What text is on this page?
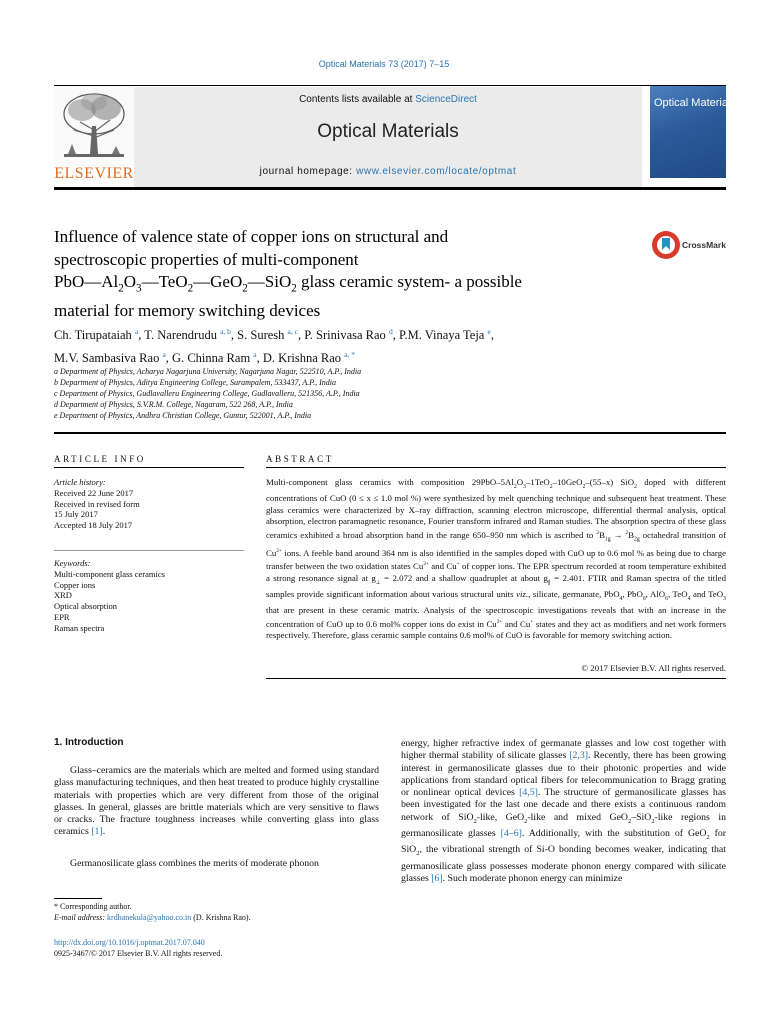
Optical Materials 73 (2017) 7–15
Contents lists available at ScienceDirect
Optical Materials
journal homepage: www.elsevier.com/locate/optmat
ELSEVIER
Optical Materials
Influence of valence state of copper ions on structural and
spectroscopic properties of multi-component
$PbO—Al_2O_3—TeO_2—GeO_2—SiO_2$ glass ceramic system- a possible
material for memory switching devices
CrossMark
Ch. Tirupataiah $^a$, T. Narendrudu $^{a, b}$, S. Suresh $^{a, c}$, P. Srinivasa Rao $^d$, P.M. Vinaya Teja $^e$,
M.V. Sambasiva Rao $^a$, G. Chinna Ram $^a$, D. Krishna Rao $^{a, *}$
a Department of Physics, Acharya Nagarjuna University, Nagarjuna Nagar, 522510, A.P., India
b Department of Physics, Aditya Engineering College, Surampalem, 533437, A.P., India
c Department of Physics, Gudlavalleru Engineering College, Gudlavalleru, 521356, A.P., India
d Department of Physics, S.V.R.M. College, Nagaram, 522 268, A.P., India
e Department of Physics, Andhra Christian College, Guntur, 522001, A.P., India
ARTICLE INFO
Article history:
Received 22 June 2017
Received in revised form
15 July 2017
Accepted 18 July 2017
Keywords:
Multi-component glass ceramics
Copper ions
XRD
Optical absorption
EPR
Raman spectra
ABSTRACT
Multi-component glass ceramics with composition $29PbO-5Al_2O_3-1TeO_2-10GeO_2-(55-x)$ SiO$_2$ doped with different concentrations of CuO (0 ≤ x ≤ 1.0 mol %) were synthesized by melt quenching technique and subsequent heat treatment. These glass ceramics were characterized by X–ray diffraction, scanning electron microscope, differential thermal analysis, optical absorption, electron paramagnetic resonance, Fourier transform infrared and Raman studies. The absorption spectra of these glass ceramics exhibited a broad absorption band in the range 650–950 nm which is ascribed to $^2B_{1g} \to ^2B_{2g}$ octahedral transition of $Cu^{2+}$ ions. A feeble band around 364 nm is also identified in the samples doped with CuO up to 0.6 mol % as being due to charge transfer between the two oxidation states $Cu^{2+}$ and Cu+ of copper ions. The EPR spectrum recorded at room temperature exhibited a strong resonance signal at $g_\perp = 2.072$ and a shallow quadruplet at about $g_\parallel = 2.401$. FTIR and Raman spectra of the titled samples provide significant information about various structural units viz., silicate, germanate, PbO$_4$, PbO$_6$, AlO$_6$, TeO$_4$ and TeO$_3$ that are present in these ceramic matrix. Analysis of the spectroscopic investigations reveals that with an increase in the concentration of CuO up to 0.6 mol% copper ions do exist in $Cu^{2+}$ and Cu+ states and they act as modifiers and net work formers respectively. Therefore, glass ceramic sample contains 0.6 mol% of CuO is favorable for memory switching action.
© 2017 Elsevier B.V. All rights reserved.
1. Introduction
Glass–ceramics are the materials which are melted and formed using standard glass manufacturing techniques, and then heat treated to produce highly crystalline materials with properties which are very different from those of the original glasses. In general, glasses are brittle materials which are very sensitive to flaws or cracks. The fracture toughness increases while converting glass into glass ceramics [1].
Germanosilicate glass combines the merits of moderate phonon
energy, higher refractive index of germanate glasses and low cost together with higher thermal stability of silicate glasses [2,3]. Recently, there has been growing interest in germanosilicate glasses due to their photonic properties and wide applications from standard optical fibers for telecommunication to Bragg grating or nonlinear optical devices [4,5]. The structure of germanosilicate glasses has been investigated for the last one decade and there exists a continuous random network of SiO$_2$-like, GeO$_2$-like and mixed GeO$_2$–SiO$_2$-like regions in germanosilicate glasses [4–6]. Additionally, with the substitution of GeO$_2$ for SiO$_2$, the vibrational strength of Si-O bonding becomes weaker, indicating that germanosilicate glass possesses moderate phonon energy compared with silicate glasses [6]. Such moderate phonon energy can minimize
* Corresponding author.
E-mail address: krdhanekula@yahoo.co.in (D. Krishna Rao).
http://dx.doi.org/10.1016/j.optmat.2017.07.040
0925-3467/© 2017 Elsevier B.V. All rights reserved.
